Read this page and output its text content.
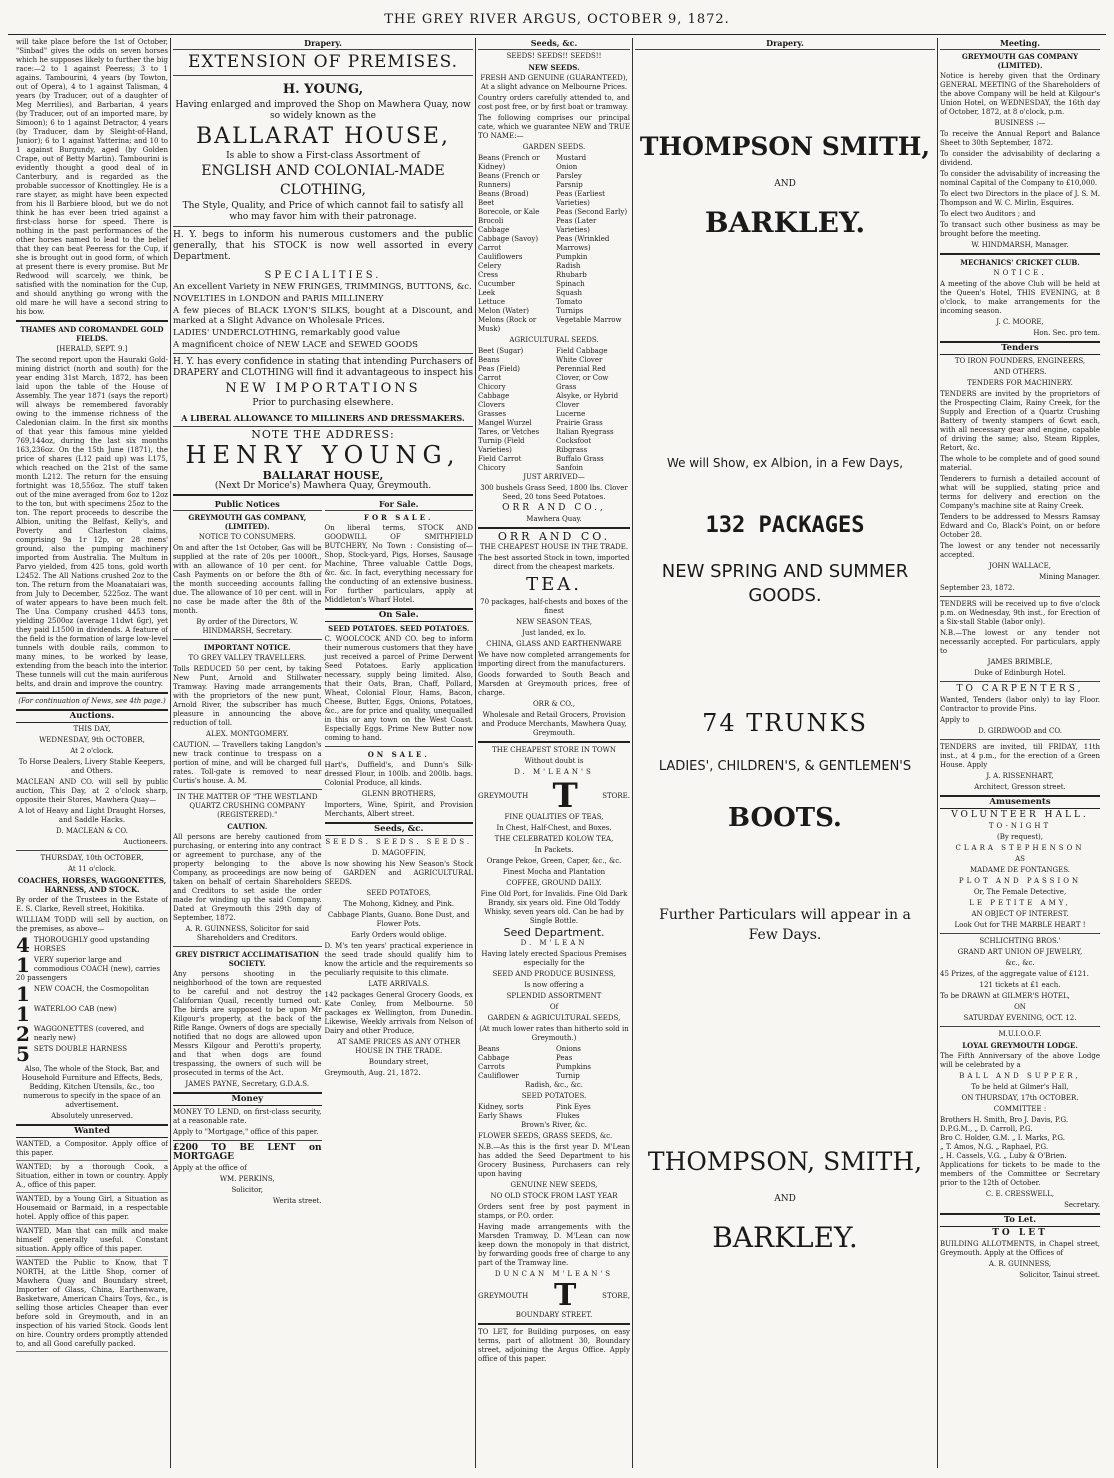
THE GREY RIVER ARGUS, OCTOBER 9, 1872.

will take place before the 1st of October, "Sinbad" gives the odds on seven horses which he supposes likely to further the big race:—2 to 1 against Peeress; 3 to 1 agains. Tambourini, 4 years (by Towton, out of Opera), 4 to 1 against Talisman, 4 years (by Traducer, out of a daughter of Meg Merrilies), and Barbarian, 4 years (by Traducer, out of an imported mare, by Simoon); 6 to 1 against Detractor, 4 years (by Traducer, dam by Sleight-of-Hand, Junior); 6 to 1 against Yatterina; and 10 to 1 against Burgundy, aged (by Golden Crape, out of Betty Martin). Tambourini is evidently thought a good deal of in Canterbury, and is regarded as the probable successor of Knottingley. He is a rare stayer, as might have been expected from his ll Barbiere blood, but we do not think he has ever been tried against a first-class horse for speed. There is nothing in the past performances of the other horses named to lead to the belief that they can beat Peeress for the Cup, if she is brought out in good form, of which at present there is every promise. But Mr Redwood will scarcely, we think, be satisfied with the nomination for the Cup, and should anything go wrong with the old mare he will have a second string to his bow.

THAMES AND COROMANDEL GOLD FIELDS.

[HERALD, SEPT. 9.]

The second report upon the Hauraki Gold-mining district (north and south) for the year ending 31st March, 1872, has been laid upon the table of the House of Assembly. The year 1871 (says the report) will always be remembered favorably owing to the immense richness of the Caledonian claim. In the first six months of that year this famous mine yielded 769,144oz, during the last six months 163,236oz. On the 15th June (1871), the price of shares (L12 paid up) was L175, which reached on the 21st of the same month L212. The return for the ensuing fortnight was 18,556oz. The stuff taken out of the mine averaged from 6oz to 12oz to the ton, but with specimens 25oz to the ton. The report proceeds to describe the Albion, uniting the Belfast, Kelly's, and Poverty and Charleston claims, comprising 9a 1r 12p, or 28 mens' ground, also the pumping machinery imported from Australia. The Multum in Parvo yielded, from 425 tons, gold worth L2452. The All Nations crushed 2oz to the ton. The return from the Moanataiari was, from July to December, 5225oz. The want of water appears to have been much felt. The Una Company crushed 4453 tons, yielding 2500oz (average 11dwt 6gr), yet they paid L1500 in dividends. A feature of the field is the formation of large low-level tunnels with double rails, common to many mines, to be worked by lease, extending from the beach into the interior. These tunnels will cut the main auriferous belts, and drain and improve the country.

(For continuation of News, see 4th page.)

Auctions.

THIS DAY,

WEDNESDAY, 9th OCTOBER,

At 2 o'clock.

To Horse Dealers, Livery Stable Keepers, and Others.

MACLEAN AND CO. will sell by public auction, This Day, at 2 o'clock sharp, opposite their Stores, Mawhera Quay—

A lot of Heavy and Light Draught Horses, and Saddle Hacks.

D. MACLEAN & CO.

Auctioneers.

THURSDAY, 10th OCTOBER,

At 11 o'clock.

COACHES, HORSES, WAGGONETTES, HARNESS, AND STOCK.

By order of the Trustees in the Estate of E. S. Clarke, Revell street, Hokitika.

WILLIAM TODD will sell by auction, on the premises, as above—

4 THOROUGHLY good upstanding HORSES
1 VERY superior large and commodious COACH (new), carries 20 passengers
1 NEW COACH, the Cosmopolitan
1 WATERLOO CAB (new)
2 WAGGONETTES (covered, and nearly new)
5 SETS DOUBLE HARNESS

Also, The whole of the Stock, Bar, and Household Furniture and Effects, Beds, Bedding, Kitchen Utensils, &c., too numerous to specify in the space of an advertisement.

Absolutely unreserved.

Wanted

WANTED, a Compositor. Apply office of this paper.

WANTED; by a thorough Cook, a Situation, either in town or country. Apply A., office of this paper.

WANTED, by a Young Girl, a Situation as Housemaid or Barmaid, in a respectable hotel. Apply office of this paper.

WANTED, Man that can milk and make himself generally useful. Constant situation. Apply office of this paper.

WANTED the Public to Know, that T NORTH, at the Little Shop, corner of Mawhera Quay and Boundary street, Importer of Glass, China, Earthenware, Basketware, American Chairs Toys, &c., is selling those articles Cheaper than ever before sold in Greymouth, and in an inspection of his varied Stock. Goods lent on hire. Country orders promptly attended to, and all Good carefully packed.

Drapery.

EXTENSION OF PREMISES.

H. YOUNG,

Having enlarged and improved the Shop on Mawhera Quay, now so widely known as the

BALLARAT HOUSE,

Is able to show a First-class Assortment of

ENGLISH AND COLONIAL-MADE

CLOTHING,

The Style, Quality, and Price of which cannot fail to satisfy all who may favor him with their patronage.

H. Y. begs to inform his numerous customers and the public generally, that his STOCK is now well assorted in every Department.

SPECIALITIES.

An excellent Variety in NEW FRINGES, TRIMMINGS, BUTTONS, &c.

NOVELTIES in LONDON and PARIS MILLINERY

A few pieces of BLACK LYON'S SILKS, bought at a Discount, and marked at a Slight Advance on Wholesale Prices.

LADIES' UNDERCLOTHING, remarkably good value

A magnificent choice of NEW LACE and SEWED GOODS

H. Y. has every confidence in stating that intending Purchasers of DRAPERY and CLOTHING will find it advantageous to inspect his

NEW IMPORTATIONS

Prior to purchasing elsewhere.

A LIBERAL ALLOWANCE TO MILLINERS AND DRESSMAKERS.

NOTE THE ADDRESS:

HENRY YOUNG,

BALLARAT HOUSE,

(Next Dr Morice's) Mawhera Quay, Greymouth.

Public Notices

GREYMOUTH GAS COMPANY, (LIMITED).

NOTICE TO CONSUMERS.

On and after the 1st October, Gas will be supplied at the rate of 20s per 1000ft., with an allowance of 10 per cent. for Cash Payments on or before the 8th of the month succeeding accounts falling due. The allowance of 10 per cent. will in no case be made after the 8th of the month.

By order of the Directors, W. HINDMARSH, Secretary.

IMPORTANT NOTICE.

TO GREY VALLEY TRAVELLERS.

Tolls REDUCED 50 per cent, by taking New Punt, Arnold and Stillwater Tramway. Having made arrangements with the proprietors of the new punt, Arnold River, the subscriber has much pleasure in announcing the above reduction of toll.

ALEX. MONTGOMERY.

CAUTION. — Travellers taking Langdon's new track continue to trespass on a portion of mine, and will be charged full rates. Toll-gate is removed to near Curtis's house. A. M.

IN THE MATTER OF "THE WESTLAND QUARTZ CRUSHING COMPANY (REGISTERED)."

CAUTION.

All persons are hereby cautioned from purchasing, or entering into any contract or agreement to purchase, any of the property belonging to the above Company, as proceedings are now being taken on behalf of certain Shareholders and Creditors to set aside the order made for winding up the said Company. Dated at Greymouth this 29th day of September, 1872.

A. R. GUINNESS, Solicitor for said Shareholders and Creditors.

GREY DISTRICT ACCLIMATISATION SOCIETY.

Any persons shooting in the neighborhood of the town are requested to be careful and not destroy the Californian Quail, recently turned out. The birds are supposed to be upon Mr Kilgour's property, at the back of the Rifle Range. Owners of dogs are specially notified that no dogs are allowed upon Messrs Kilgour and Perotti's property, and that when dogs are found trespassing, the owners of such will be prosecuted in terms of the Act.

JAMES PAYNE, Secretary, G.D.A.S.

Money

MONEY TO LEND, on first-class security, at a reasonable rate.

Apply to "Mortgage," office of this paper.

£200 TO BE LENT on MORTGAGE

Apply at the office of

WM. PERKINS,

Solicitor,

Werita street.

For Sale.

FOR SALE.

On liberal terms, STOCK AND GOODWILL OF SMITHFIELD BUTCHERY, No Town : Consisting of—Shop, Stock-yard, Pigs, Horses, Sausage Machine, Three valuable Cattle Dogs, &c. &c. In fact, everything necessary for the conducting of an extensive business. For further particulars, apply at Middleton's Wharf Hotel.

On Sale.

SEED POTATOES. SEED POTATOES.

C. WOOLCOCK AND CO. beg to inform their numerous customers that they have just received a parcel of Prime Derwent Seed Potatoes. Early application necessary, supply being limited. Also, that their Oats, Bran, Chaff, Pollard, Wheat, Colonial Flour, Hams, Bacon, Cheese, Butter, Eggs, Onions, Potatoes, &c., are for price and quality, unequalled in this or any town on the West Coast. Especially Eggs. Prime New Butter now coming to hand.

ON SALE.

Hart's, Duffield's, and Dunn's Silk-dressed Flour, in 100lb. and 200lb. bags. Colonial Produce, all kinds.

GLENN BROTHERS,

Importers, Wine, Spirit, and Provision Merchants, Albert street.

Seeds, &c.

SEEDS. SEEDS. SEEDS.

D. MAGOFFIN,

Is now showing his New Season's Stock of GARDEN and AGRICULTURAL SEEDS.

SEED POTATOES,

The Mohong, Kidney, and Pink.

Cabbage Plants, Guano. Bone Dust, and Flower Pots.

Early Orders would oblige.

D. M's ten years' practical experience in the seed trade should qualify him to know the article and the requirements so peculiarly requisite to this climate.

LATE ARRIVALS.

142 packages General Grocery Goods, ex Kate Conley, from Melbourne. 50 packages ex Wellington, from Dunedin. Likewise, Weekly arrivals from Nelson of Dairy and other Produce,

AT SAME PRICES AS ANY OTHER HOUSE IN THE TRADE.

Boundary street,

Greymouth, Aug. 21, 1872.

Seeds, &c.

SEEDS! SEEDS!! SEEDS!!

NEW SEEDS.

FRESH AND GENUINE (GUARANTEED), At a slight advance on Melbourne Prices.

Country orders carefully attended to, and cost post free, or by first boat or tramway.

The following comprises our principal cate, which we guarantee NEW and TRUE TO NAME:—

GARDEN SEEDS.

Beans (French or Kidney)

Beans (French or Runners)

Beans (Broad)

Beet

Borecole, or Kale

Brocoli

Cabbage

Cabbage (Savoy)

Carrot

Cauliflowers

Celery

Cress

Cucumber

Leek

Lettuce

Melon (Water)

Melons (Rock or Musk)

Mustard

Onion

Parsley

Parsnip

Peas (Earliest Varieties)

Peas (Second Early)

Peas (Later Varieties)

Peas (Wrinkled Marrows)

Pumpkin

Radish

Rhubarb

Spinach

Squash

Tomato

Turnips

Vegetable Marrow

AGRICULTURAL SEEDS.

Beet (Sugar)

Beans

Peas (Field)

Carrot

Chicory

Cabbage

Clovers

Grasses

Mangel Wurzel

Tares, or Vetches

Turnip (Field Varieties)

Field Carrot

Chicory

Field Cabbage

White Clover

Perennial Red Clover, or Cow Grass

Alsyke, or Hybrid Clover

Lucerne

Prairie Grass

Italian Ryegrass

Cocksfoot

Ribgrass

Buffalo Grass

Sanfoin

JUST ARRIVED—

300 bushels Grass Seed, 1800 lbs. Clover Seed, 20 tons Seed Potatoes.

ORR AND CO.,

Mawhera Quay.

ORR AND CO.

THE CHEAPEST HOUSE IN THE TRADE.

The best assorted Stock in town, imported direct from the cheapest markets.

TEA.

70 packages, half-chests and boxes of the finest

NEW SEASON TEAS,

Just landed, ex Io.

CHINA, GLASS AND EARTHENWARE

We have now completed arrangements for importing direct from the manufacturers.

Goods forwarded to South Beach and Marsden at Greymouth prices, free of charge.

ORR & CO.,

Wholesale and Retail Grocers, Provision and Produce Merchants, Mawhera Quay, Greymouth.

THE CHEAPEST STORE IN TOWN

Without doubt is

D. M'LEAN'S

GREYMOUTH T	STORE.

FINE QUALITIES OF TEAS,

In Chest, Half-Chest, and Boxes.

THE CELEBRATED KOLOW TEA,

In Packets.

Orange Pekoe, Green, Caper, &c., &c.

Finest Mocha and Plantation

COFFEE, GROUND DAILY.

Fine Old Port, for Invalids. Fine Old Dark Brandy, six years old. Fine Old Toddy Whisky, seven years old. Can be had by Single Bottle.

Seed Department.

D. M'LEAN

Having lately erected Spacious Premises especially for the

SEED AND PRODUCE BUSINESS,

Is now offering a

SPLENDID ASSORTMENT

Of

GARDEN & AGRICULTURAL SEEDS,

(At much lower rates than hitherto sold in Greymouth.)

Beans

Cabbage

Carrots

Cauliflower

Onions

Peas

Pumpkins

Turnip

Radish, &c., &c.

SEED POTATOES.

Kidney, sorts

Early Shaws

Pink Eyes

Flukes

Brown's River, &c.

FLOWER SEEDS, GRASS SEEDS, &c.

N.B.—As this is the first year D. M'Lean has added the Seed Department to his Grocery Business, Purchasers can rely upon having

GENUINE NEW SEEDS,

NO OLD STOCK FROM LAST YEAR

Orders sent free by post payment in stamps, or P.O. order.

Having made arrangements with the Marsden Tramway, D. M'Lean can now keep down the monopoly in that district, by forwarding goods free of charge to any part of the Tramway line.

DUNCAN M'LEAN'S

GREYMOUTH T	STORE,

BOUNDARY STREET.

TO LET, for Building purposes, on easy terms, part of allotment 30, Boundary street, adjoining the Argus Office. Apply office of this paper.

Drapery.

THOMPSON SMITH,

AND

BARKLEY.

We will Show, ex Albion, in a Few Days,

132 PACKAGES

NEW SPRING AND SUMMER

GOODS.

74 TRUNKS

LADIES', CHILDREN'S, & GENTLEMEN'S

BOOTS.

Further Particulars will appear in a Few Days.

THOMPSON, SMITH,

AND

BARKLEY.

Meeting.

GREYMOUTH GAS COMPANY (LIMITED).

Notice is hereby given that the Ordinary GENERAL MEETING of the Shareholders of the above Company will be held at Kilgour's Union Hotel, on WEDNESDAY, the 16th day of October, 1872, at 8 o'clock, p.m.

BUSINESS :—

To receive the Annual Report and Balance Sheet to 30th September, 1872.

To consider the advisability of declaring a dividend.

To consider the advisability of increasing the nominal Capital of the Company to £10,000.

To elect two Directors in the place of J. S. M. Thompson and W. C. Mirlin, Esquires.

To elect two Auditors ; and

To transact such other business as may be brought before the meeting.

W. HINDMARSH, Manager.

MECHANICS' CRICKET CLUB.

NOTICE.

A meeting of the above Club will be held at the Queen's Hotel, THIS EVENING, at 8 o'clock, to make arrangements for the incoming season.

J. C. MOORE,

Hon. Sec. pro tem.

Tenders

TO IRON FOUNDERS, ENGINEERS,

AND OTHERS.

TENDERS FOR MACHINERY.

TENDERS are invited by the proprietors of the Prospecting Claim, Rainy Creek, for the Supply and Erection of a Quartz Crushing Battery of twenty stampers of 6cwt each, with all necessary gear and engine, capable of driving the same; also, Steam Ripples, Retort, &c.

The whole to be complete and of good sound material.

Tenderers to furnish a detailed account of what will be supplied, stating price and terms for delivery and erection on the Company's machine site at Rainy Creek.

Tenders to be addressed to Messrs Ramsay Edward and Co, Black's Point, on or before October 28.

The lowest or any tender not necessarily accepted.

JOHN WALLACE,

Mining Manager.

September 23, 1872.

TENDERS will be received up to five o'clock p.m. on Wednesday, 9th inst., for Erection of a Six-stall Stable (labor only).

N.B.—The lowest or any tender not necessarily accepted. For particulars, apply to

JAMES BRIMBLE,

Duke of Edinburgh Hotel.

TO CARPENTERS,

Wanted, Tenders (labor only) to lay Floor. Contractor to provide Pins.

Apply to

D. GIRDWOOD and CO.

TENDERS are invited, till FRIDAY, 11th inst., at 4 p.m., for the erection of a Green House. Apply

J. A. RISSENHART,

Architect, Gresson street.

Amusements

VOLUNTEER HALL.

TO-NIGHT

(By request),

CLARA STEPHENSON

AS

MADAME DE FONTANGES.

PLOT AND PASSION

Or, The Female Detective,

LE PETITE AMY,

AN OBJECT OF INTEREST.

Look Out for THE MARBLE HEART !

SCHLICHTING BROS.'

GRAND ART UNION OF JEWELRY,

&c., &c.

45 Prizes, of the aggregate value of £121.

121 tickets at £1 each.

To be DRAWN at GILMER'S HOTEL,

ON

SATURDAY EVENING, OCT. 12.

M.U.I.O.O.F.

LOYAL GREYMOUTH LODGE.

The Fifth Anniversary of the above Lodge will be celebrated by a

BALL AND SUPPER,

To be held at Gilmer's Hall,

ON THURSDAY, 17th OCTOBER.

COMMITTEE :

Brothers H. Smith, Bro J. Davis, P.G.

D.P.G.M., „ D. Carroll, P.G.

Bro C. Holder, G.M. „ I. Marks, P.G.

„ T. Amos, N.G. „ Raphael, P.G.

„ H. Cassels, V.G. „ Luby & O'Brien.

Applications for tickets to be made to the members of the Committee or Secretary prior to the 12th of October.

C. E. CRESSWELL,

Secretary.

To Let.

TO LET

BUILDING ALLOTMENTS, in Chapel street, Greymouth. Apply at the Offices of

A. R. GUINNESS,

Solicitor, Tainui street.
